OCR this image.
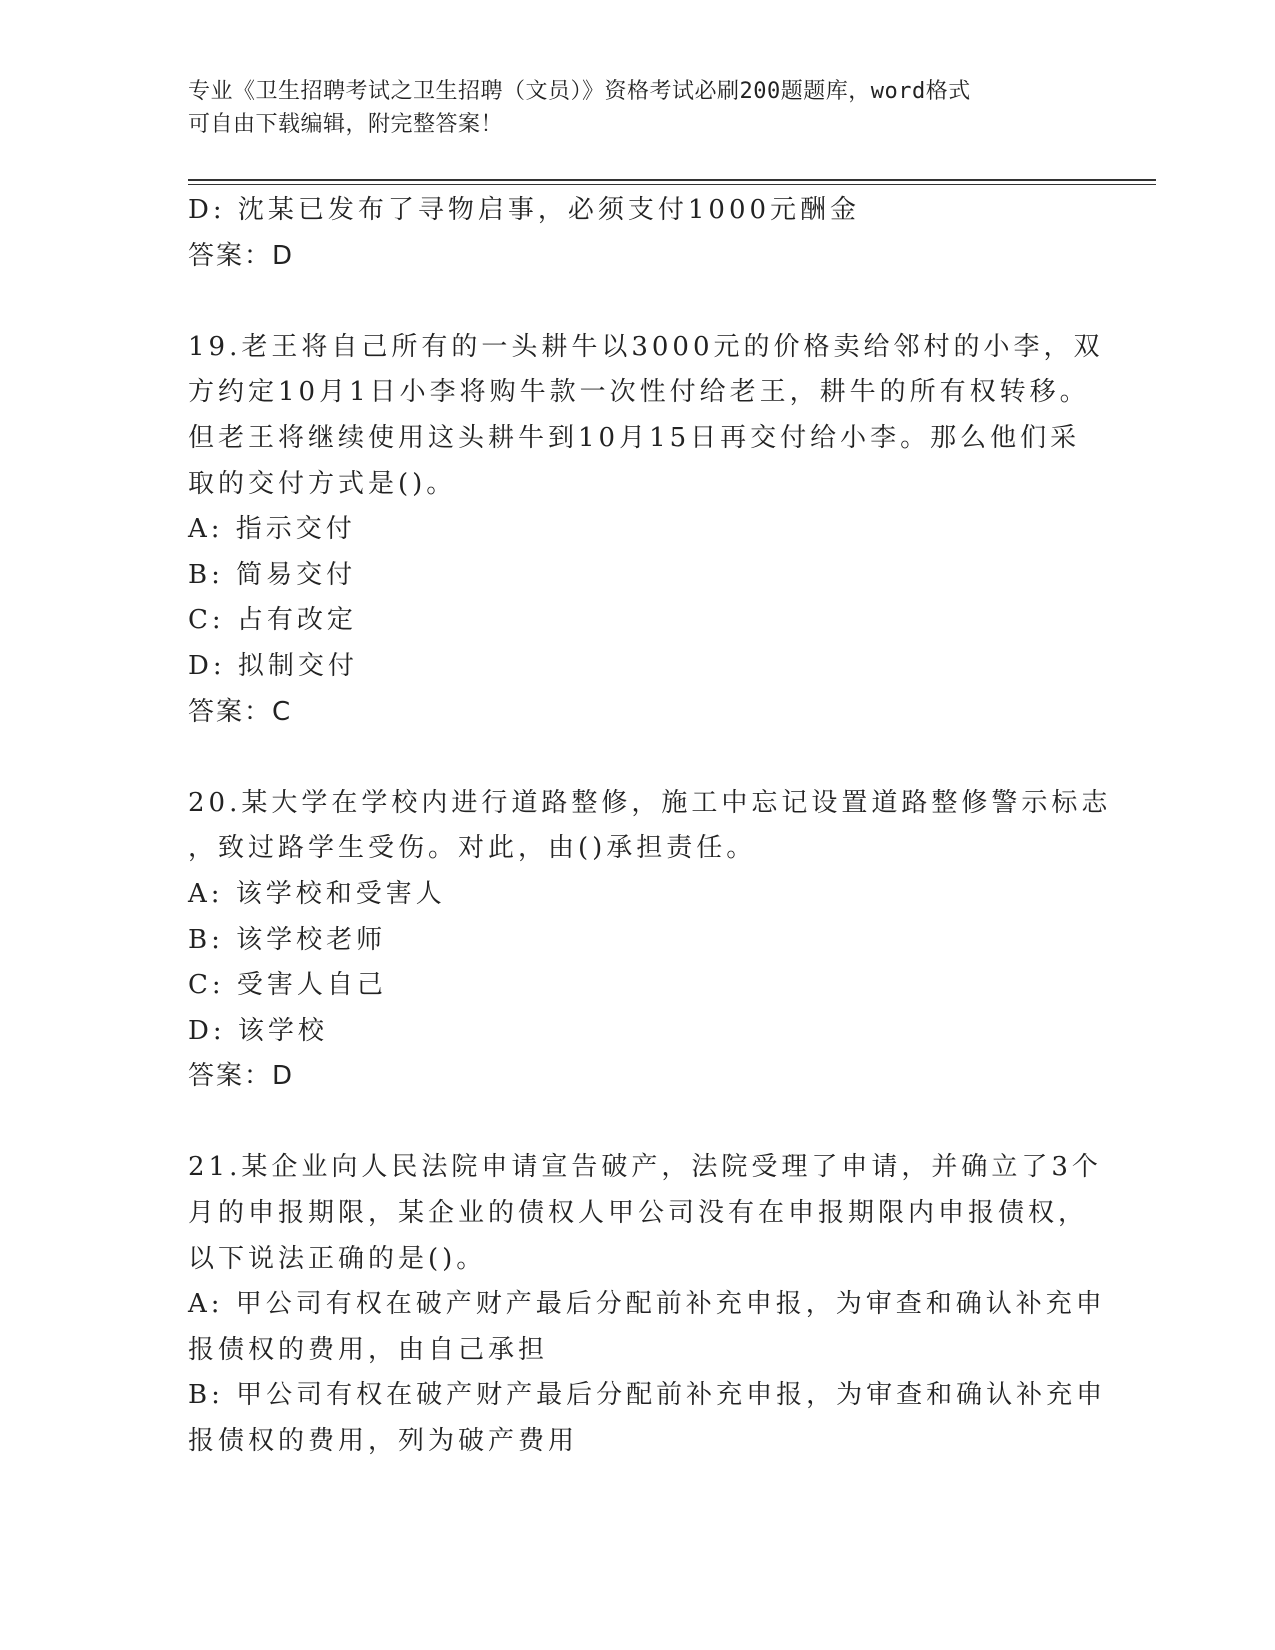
专业《卫生招聘考试之卫生招聘（文员）》资格考试必刷200题题库，word格式
可自由下载编辑，附完整答案！
D: 沈某已发布了寻物启事，必须支付1000元酬金
答案：D
19.老王将自己所有的一头耕牛以3000元的价格卖给邻村的小李，双
方约定10月1日小李将购牛款一次性付给老王，耕牛的所有权转移。
但老王将继续使用这头耕牛到10月15日再交付给小李。那么他们采
取的交付方式是()。
A: 指示交付
B: 简易交付
C: 占有改定
D: 拟制交付
答案：C
20.某大学在学校内进行道路整修，施工中忘记设置道路整修警示标志
，致过路学生受伤。对此，由()承担责任。
A: 该学校和受害人
B: 该学校老师
C: 受害人自己
D: 该学校
答案：D
21.某企业向人民法院申请宣告破产，法院受理了申请，并确立了3个
月的申报期限，某企业的债权人甲公司没有在申报期限内申报债权，
以下说法正确的是()。
A: 甲公司有权在破产财产最后分配前补充申报，为审查和确认补充申
报债权的费用，由自己承担
B: 甲公司有权在破产财产最后分配前补充申报，为审查和确认补充申
报债权的费用，列为破产费用
